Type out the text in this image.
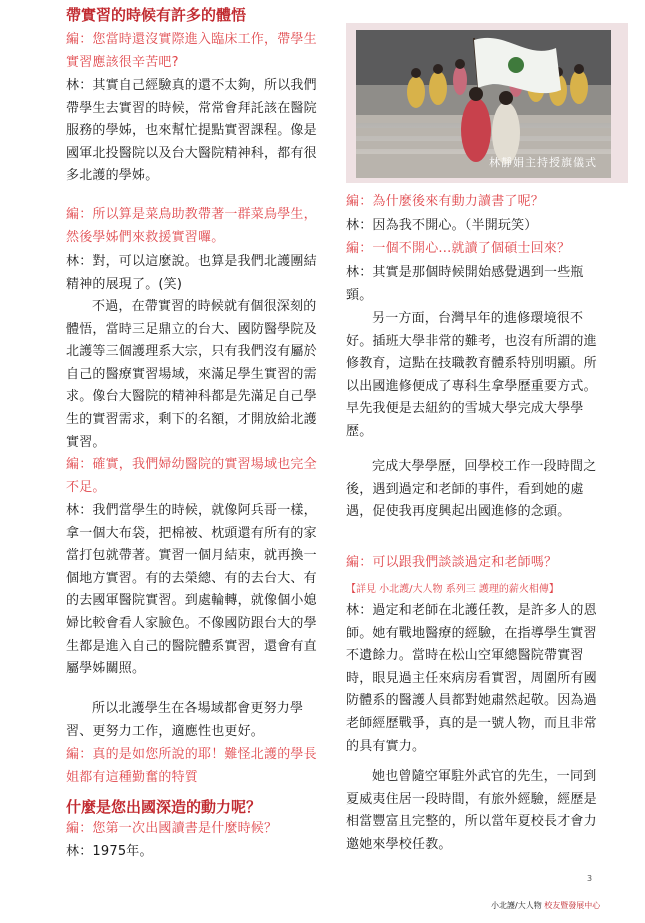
帶實習的時候有許多的體悟
編：您當時還沒實際進入臨床工作，帶學生實習應該很辛苦吧?
林：其實自己經驗真的還不太夠，所以我們帶學生去實習的時候，常常會拜託該在醫院服務的學姊，也來幫忙提點實習課程。像是國軍北投醫院以及台大醫院精神科，都有很多北護的學姊。
編：所以算是菜鳥助教帶著一群菜鳥學生，然後學姊們來救援實習囉。
林：對，可以這麼說。也算是我們北護團結精神的展現了。(笑)
不過，在帶實習的時候就有個很深刻的體悟，當時三足鼎立的台大、國防醫學院及北護等三個護理系大宗，只有我們沒有屬於自己的醫療實習場域，來滿足學生實習的需求。像台大醫院的精神科都是先滿足自己學生的實習需求，剩下的名額，才開放給北護實習。
編：確實，我們婦幼醫院的實習場域也完全不足。
林：我們當學生的時候，就像阿兵哥一樣，拿一個大布袋，把棉被、枕頭還有所有的家當打包就帶著。實習一個月結束，就再換一個地方實習。有的去榮總、有的去台大、有的去國軍醫院實習。到處輪轉，就像個小媳婦比較會看人家臉色。不像國防跟台大的學生都是進入自己的醫院體系實習，還會有直屬學姊關照。
所以北護學生在各場域都會更努力學習、更努力工作，適應性也更好。
編：真的是如您所說的耶！難怪北護的學長姐都有這種勤奮的特質
什麼是您出國深造的動力呢？
編：您第一次出國讀書是什麼時候？
林：1975年。
林靜娟主持授旗儀式
編：為什麼後來有動力讀書了呢？
林：因為我不開心。（半開玩笑）
編：一個不開心...就讀了個碩士回來？
林：其實是那個時候開始感覺遇到一些瓶頸。
另一方面，台灣早年的進修環境很不好。插班大學非常的難考，也沒有所謂的進修教育，這點在技職教育體系特別明顯。所以出國進修便成了專科生拿學歷重要方式。早先我便是去紐約的雪城大學完成大學學歷。
完成大學學歷，回學校工作一段時間之後，遇到過定和老師的事件，看到她的處遇，促使我再度興起出國進修的念頭。
編：可以跟我們談談過定和老師嗎？
【詳見 小北護/大人物 系列三 護理的薪火相傳】
林：過定和老師在北護任教，是許多人的恩師。她有戰地醫療的經驗，在指導學生實習不遺餘力。當時在松山空軍總醫院帶實習時，眼見過主任來病房看實習，周圍所有國防體系的醫護人員都對她肅然起敬。因為過老師經歷戰爭，真的是一號人物，而且非常的具有實力。
她也曾隨空軍駐外武官的先生，一同到夏威夷住居一段時間，有旅外經驗，經歷是相當豐富且完整的，所以當年夏校長才會力邀她來學校任教。
3
小北護/大人物 校友暨發展中心
